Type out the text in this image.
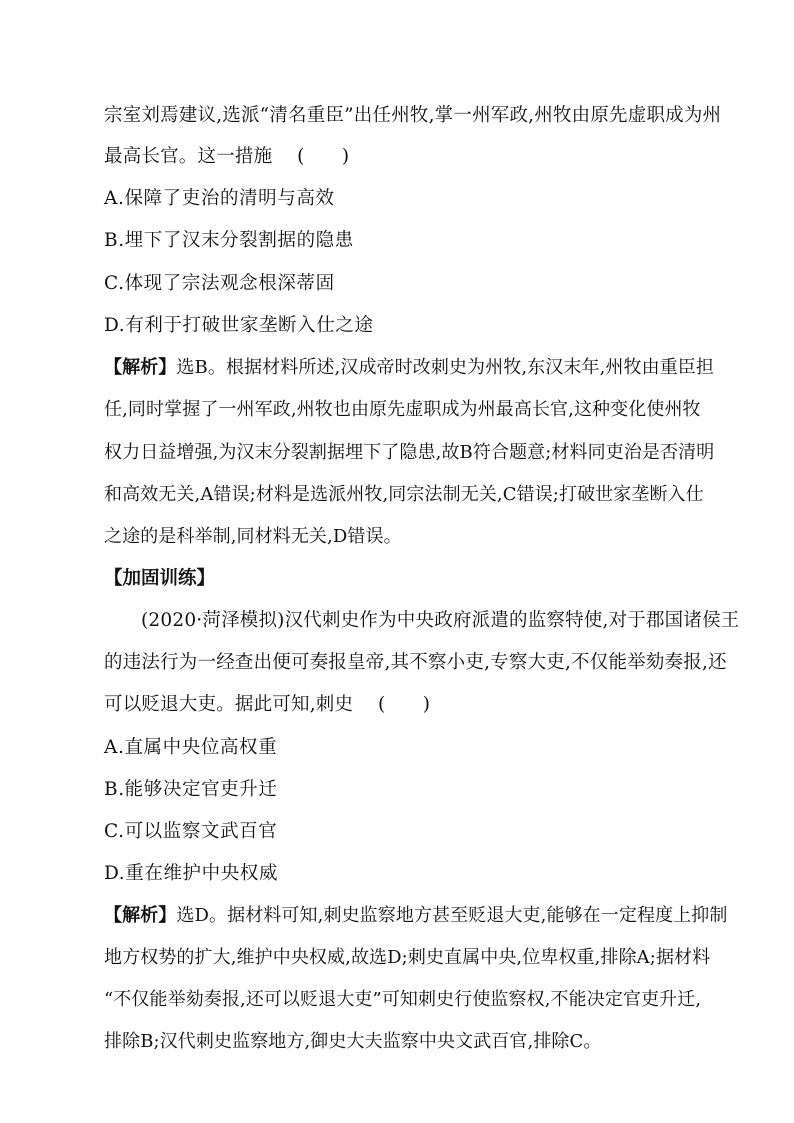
宗室刘焉建议,选派“清名重臣”出任州牧,掌一州军政,州牧由原先虚职成为州
最高长官。这一措施　 (　　)
A.保障了吏治的清明与高效
B.埋下了汉末分裂割据的隐患
C.体现了宗法观念根深蒂固
D.有利于打破世家垄断入仕之途
【解析】选B。根据材料所述,汉成帝时改刺史为州牧,东汉末年,州牧由重臣担
任,同时掌握了一州军政,州牧也由原先虚职成为州最高长官,这种变化使州牧
权力日益增强,为汉末分裂割据埋下了隐患,故B符合题意;材料同吏治是否清明
和高效无关,A错误;材料是选派州牧,同宗法制无关,C错误;打破世家垄断入仕
之途的是科举制,同材料无关,D错误。
【加固训练】
(2020·菏泽模拟)汉代刺史作为中央政府派遣的监察特使,对于郡国诸侯王
的违法行为一经查出便可奏报皇帝,其不察小吏,专察大吏,不仅能举劾奏报,还
可以贬退大吏。据此可知,刺史　 (　　)
A.直属中央位高权重
B.能够决定官吏升迁
C.可以监察文武百官
D.重在维护中央权威
【解析】选D。据材料可知,刺史监察地方甚至贬退大吏,能够在一定程度上抑制
地方权势的扩大,维护中央权威,故选D;刺史直属中央,位卑权重,排除A;据材料
“不仅能举劾奏报,还可以贬退大吏”可知刺史行使监察权,不能决定官吏升迁,
排除B;汉代刺史监察地方,御史大夫监察中央文武百官,排除C。
